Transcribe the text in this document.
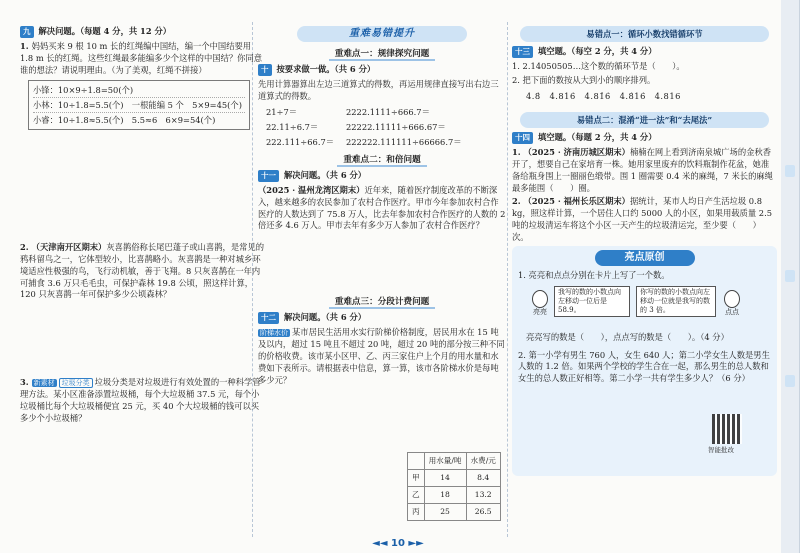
九 解决问题。（每题 4 分，共 12 分）
1. 妈妈买来 9 根 10 m 长的红绳编中国结，编一个中国结要用 1.8 m 长的红绳。这些红绳最多能编多少个这样的中国结？你同意谁的想法？请说明理由。（为了美观，红绳不拼接）
小锋：10×9÷1.8=50(个)
小林：10÷1.8=5.5(个)　一根能编 5 个　5×9=45(个)
小睿：10÷1.8≈5.5(个)　5.5≈6　6×9=54(个)
2. （天津南开区期末）灰喜鹊俗称长尾巴蓬子或山喜鹊，是常见的鸦科留鸟之一，它体型较小，比喜鹊略小。灰喜鹊是一种对城乡环境适应性极强的鸟，飞行动机敏，善于飞翔。8 只灰喜鹊在一年内可捕食 3.6 万只毛毛虫，可保护森林 19.8 公顷，照这样计算，120 只灰喜鹊一年可保护多少公顷森林？
3. 新素材 垃圾分类 垃圾分类是对垃圾进行有效处置的一种科学管理方法。某小区准备添置垃圾桶，每个大垃圾桶 37.5 元，每个小垃圾桶比每个大垃圾桶便宜 25 元，买 40 个大垃圾桶的钱可以买多少个小垃圾桶？
重难易错提升
重难点一：规律探究问题
十 按要求做一做。（共 6 分）
先用计算器算出左边三道算式的得数，再运用规律直接写出右边三道算式的得数。
21÷7＝	2222.1111÷666.7＝
22.11÷6.7＝	22222.11111÷666.67＝
222.111÷66.7＝	222222.111111÷66666.7＝
重难点二：和倍问题
十一 解决问题。（共 6 分）
（2025 · 温州龙湾区期末）近年来，随着医疗制度改革的不断深入，越来越多的农民参加了农村合作医疗。甲市今年参加农村合作医疗的人数达到了 75.8 万人，比去年参加农村合作医疗的人数的 2 倍还多 4.6 万人。甲市去年有多少万人参加了农村合作医疗？
重难点三：分段计费问题
十二 解决问题。（共 6 分）
阶梯水价 某市居民生活用水实行阶梯价格制度，居民用水在 15 吨及以内，超过 15 吨且不超过 20 吨，超过 20 吨的部分按三种不同的价格收费。该市某小区甲、乙、丙三家住户上个月的用水量和水费如下表所示。请根据表中信息，算一算，该市各阶梯水价是每吨多少元？
	用水量/吨	水费/元
甲	14	8.4
乙	18	13.2
丙	25	26.5
易错点一：循环小数找错循环节
十三 填空题。（每空 2 分，共 4 分）
1. 2.14050505…这个数的循环节是（　　）。
2. 把下面的数按从大到小的顺序排列。
4.8̇　4.816̇　4.81̇6̇　4.8̇16̇　4.816
易错点二：混淆“进一法”和“去尾法”
十四 填空题。（每题 2 分，共 4 分）
1. （2025 · 济南历城区期末）楠楠在网上看到济南泉城广场的金秋香开了，想要自己在家培育一株。她用家里废弃的饮料瓶制作花盆，她准备给瓶身围上一圈丽色缎带。围 1 圈需要 0.4 米的麻绳，7 米长的麻绳最多能围（　　）圈。
2. （2025 · 福州长乐区期末）据统计，某市人均日产生活垃圾 0.8 kg，照这样计算，一个居住人口约 5000 人的小区，如果用载质量 2.5 吨的垃圾清运车将这个小区一天产生的垃圾清运完，至少要（　　）次。
亮点原创
1. 亮亮和点点分别在卡片上写了一个数。
亮亮
我写的数的小数点向左移动一位后是 58.9。
你写的数的小数点向左移动一位就是我写的数的 3 倍。	点点
亮亮写的数是（　　），点点写的数是（　　）。（4 分）
2. 第一小学有男生 760 人，女生 640 人；第二小学女生人数是男生人数的 1.2 倍。如果两个学校的学生合在一起，那么男生的总人数和女生的总人数正好相等。第二小学一共有学生多少人？（6 分）
智能批改
◄◄ 10 ►►
